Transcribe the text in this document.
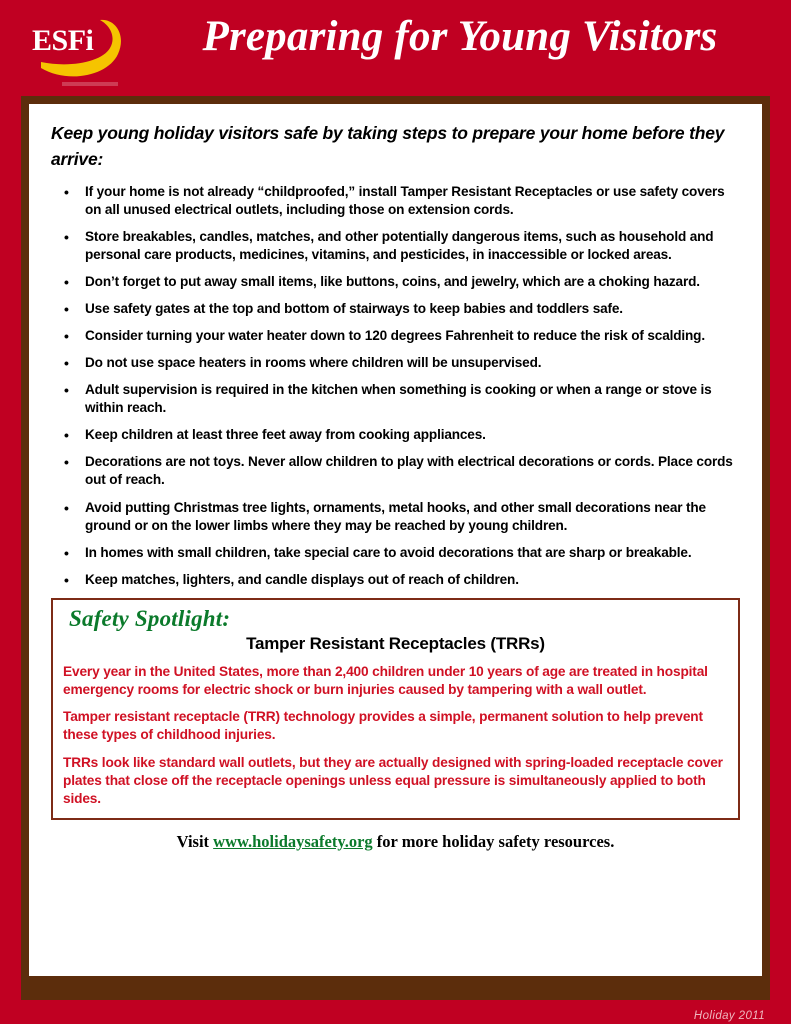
ESFi	Preparing for Young Visitors
Keep young holiday visitors safe by taking steps to prepare your home before they arrive:
• If your home is not already “childproofed,” install Tamper Resistant Receptacles or use safety covers on all unused electrical outlets, including those on extension cords.
• Store breakables, candles, matches, and other potentially dangerous items, such as household and personal care products, medicines, vitamins, and pesticides, in inaccessible or locked areas.
• Don’t forget to put away small items, like buttons, coins, and jewelry, which are a choking hazard.
• Use safety gates at the top and bottom of stairways to keep babies and toddlers safe.
• Consider turning your water heater down to 120 degrees Fahrenheit to reduce the risk of scalding.
• Do not use space heaters in rooms where children will be unsupervised.
• Adult supervision is required in the kitchen when something is cooking or when a range or stove is within reach.
• Keep children at least three feet away from cooking appliances.
• Decorations are not toys. Never allow children to play with electrical decorations or cords. Place cords out of reach.
• Avoid putting Christmas tree lights, ornaments, metal hooks, and other small decorations near the ground or on the lower limbs where they may be reached by young children.
• In homes with small children, take special care to avoid decorations that are sharp or breakable.
• Keep matches, lighters, and candle displays out of reach of children.
Safety Spotlight:
Tamper Resistant Receptacles (TRRs)

Every year in the United States, more than 2,400 children under 10 years of age are treated in hospital emergency rooms for electric shock or burn injuries caused by tampering with a wall outlet.

Tamper resistant receptacle (TRR) technology provides a simple, permanent solution to help prevent these types of childhood injuries.

TRRs look like standard wall outlets, but they are actually designed with spring-loaded receptacle cover plates that close off the receptacle openings unless equal pressure is simultaneously applied to both sides.

Visit www.holidaysafety.org for more holiday safety resources.
Holiday 2011
